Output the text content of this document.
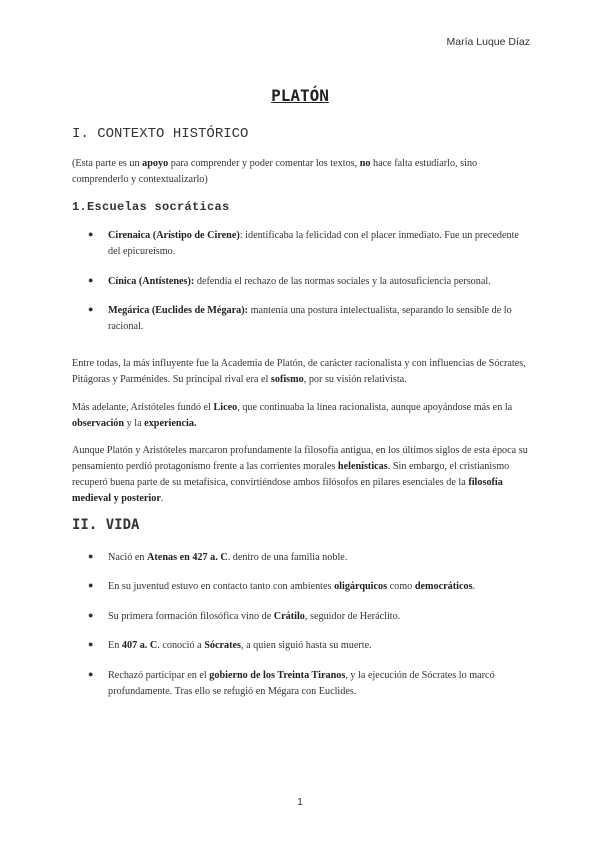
María Luque Díaz
PLATÓN
I. CONTEXTO HISTÓRICO
(Esta parte es un apoyo para comprender y poder comentar los textos, no hace falta estudiarlo, sino comprenderlo y contextualizarlo)
1.Escuelas socráticas
● Cirenaica (Arístipo de Cirene): identificaba la felicidad con el placer inmediato. Fue un precedente del epicureísmo.
● Cínica (Antístenes): defendía el rechazo de las normas sociales y la autosuficiencia personal.
● Megárica (Euclides de Mégara): mantenía una postura intelectualista, separando lo sensible de lo racional.
Entre todas, la más influyente fue la Academia de Platón, de carácter racionalista y con influencias de Sócrates, Pitágoras y Parménides. Su principal rival era el sofismo, por su visión relativista.
Más adelante, Aristóteles fundó el Liceo, que continuaba la línea racionalista, aunque apoyándose más en la observación y la experiencia.
Aunque Platón y Aristóteles marcaron profundamente la filosofía antigua, en los últimos siglos de esta época su pensamiento perdió protagonismo frente a las corrientes morales helenísticas. Sin embargo, el cristianismo recuperó buena parte de su metafísica, convirtiéndose ambos filósofos en pilares esenciales de la filosofía medieval y posterior.
II. VIDA
● Nació en Atenas en 427 a. C. dentro de una familia noble.
● En su juventud estuvo en contacto tanto con ambientes oligárquicos como democráticos.
● Su primera formación filosófica vino de Crátilo, seguidor de Heráclito.
● En 407 a. C. conoció a Sócrates, a quien siguió hasta su muerte.
● Rechazó participar en el gobierno de los Treinta Tiranos, y la ejecución de Sócrates lo marcó profundamente. Tras ello se refugió en Mégara con Euclides.
1
